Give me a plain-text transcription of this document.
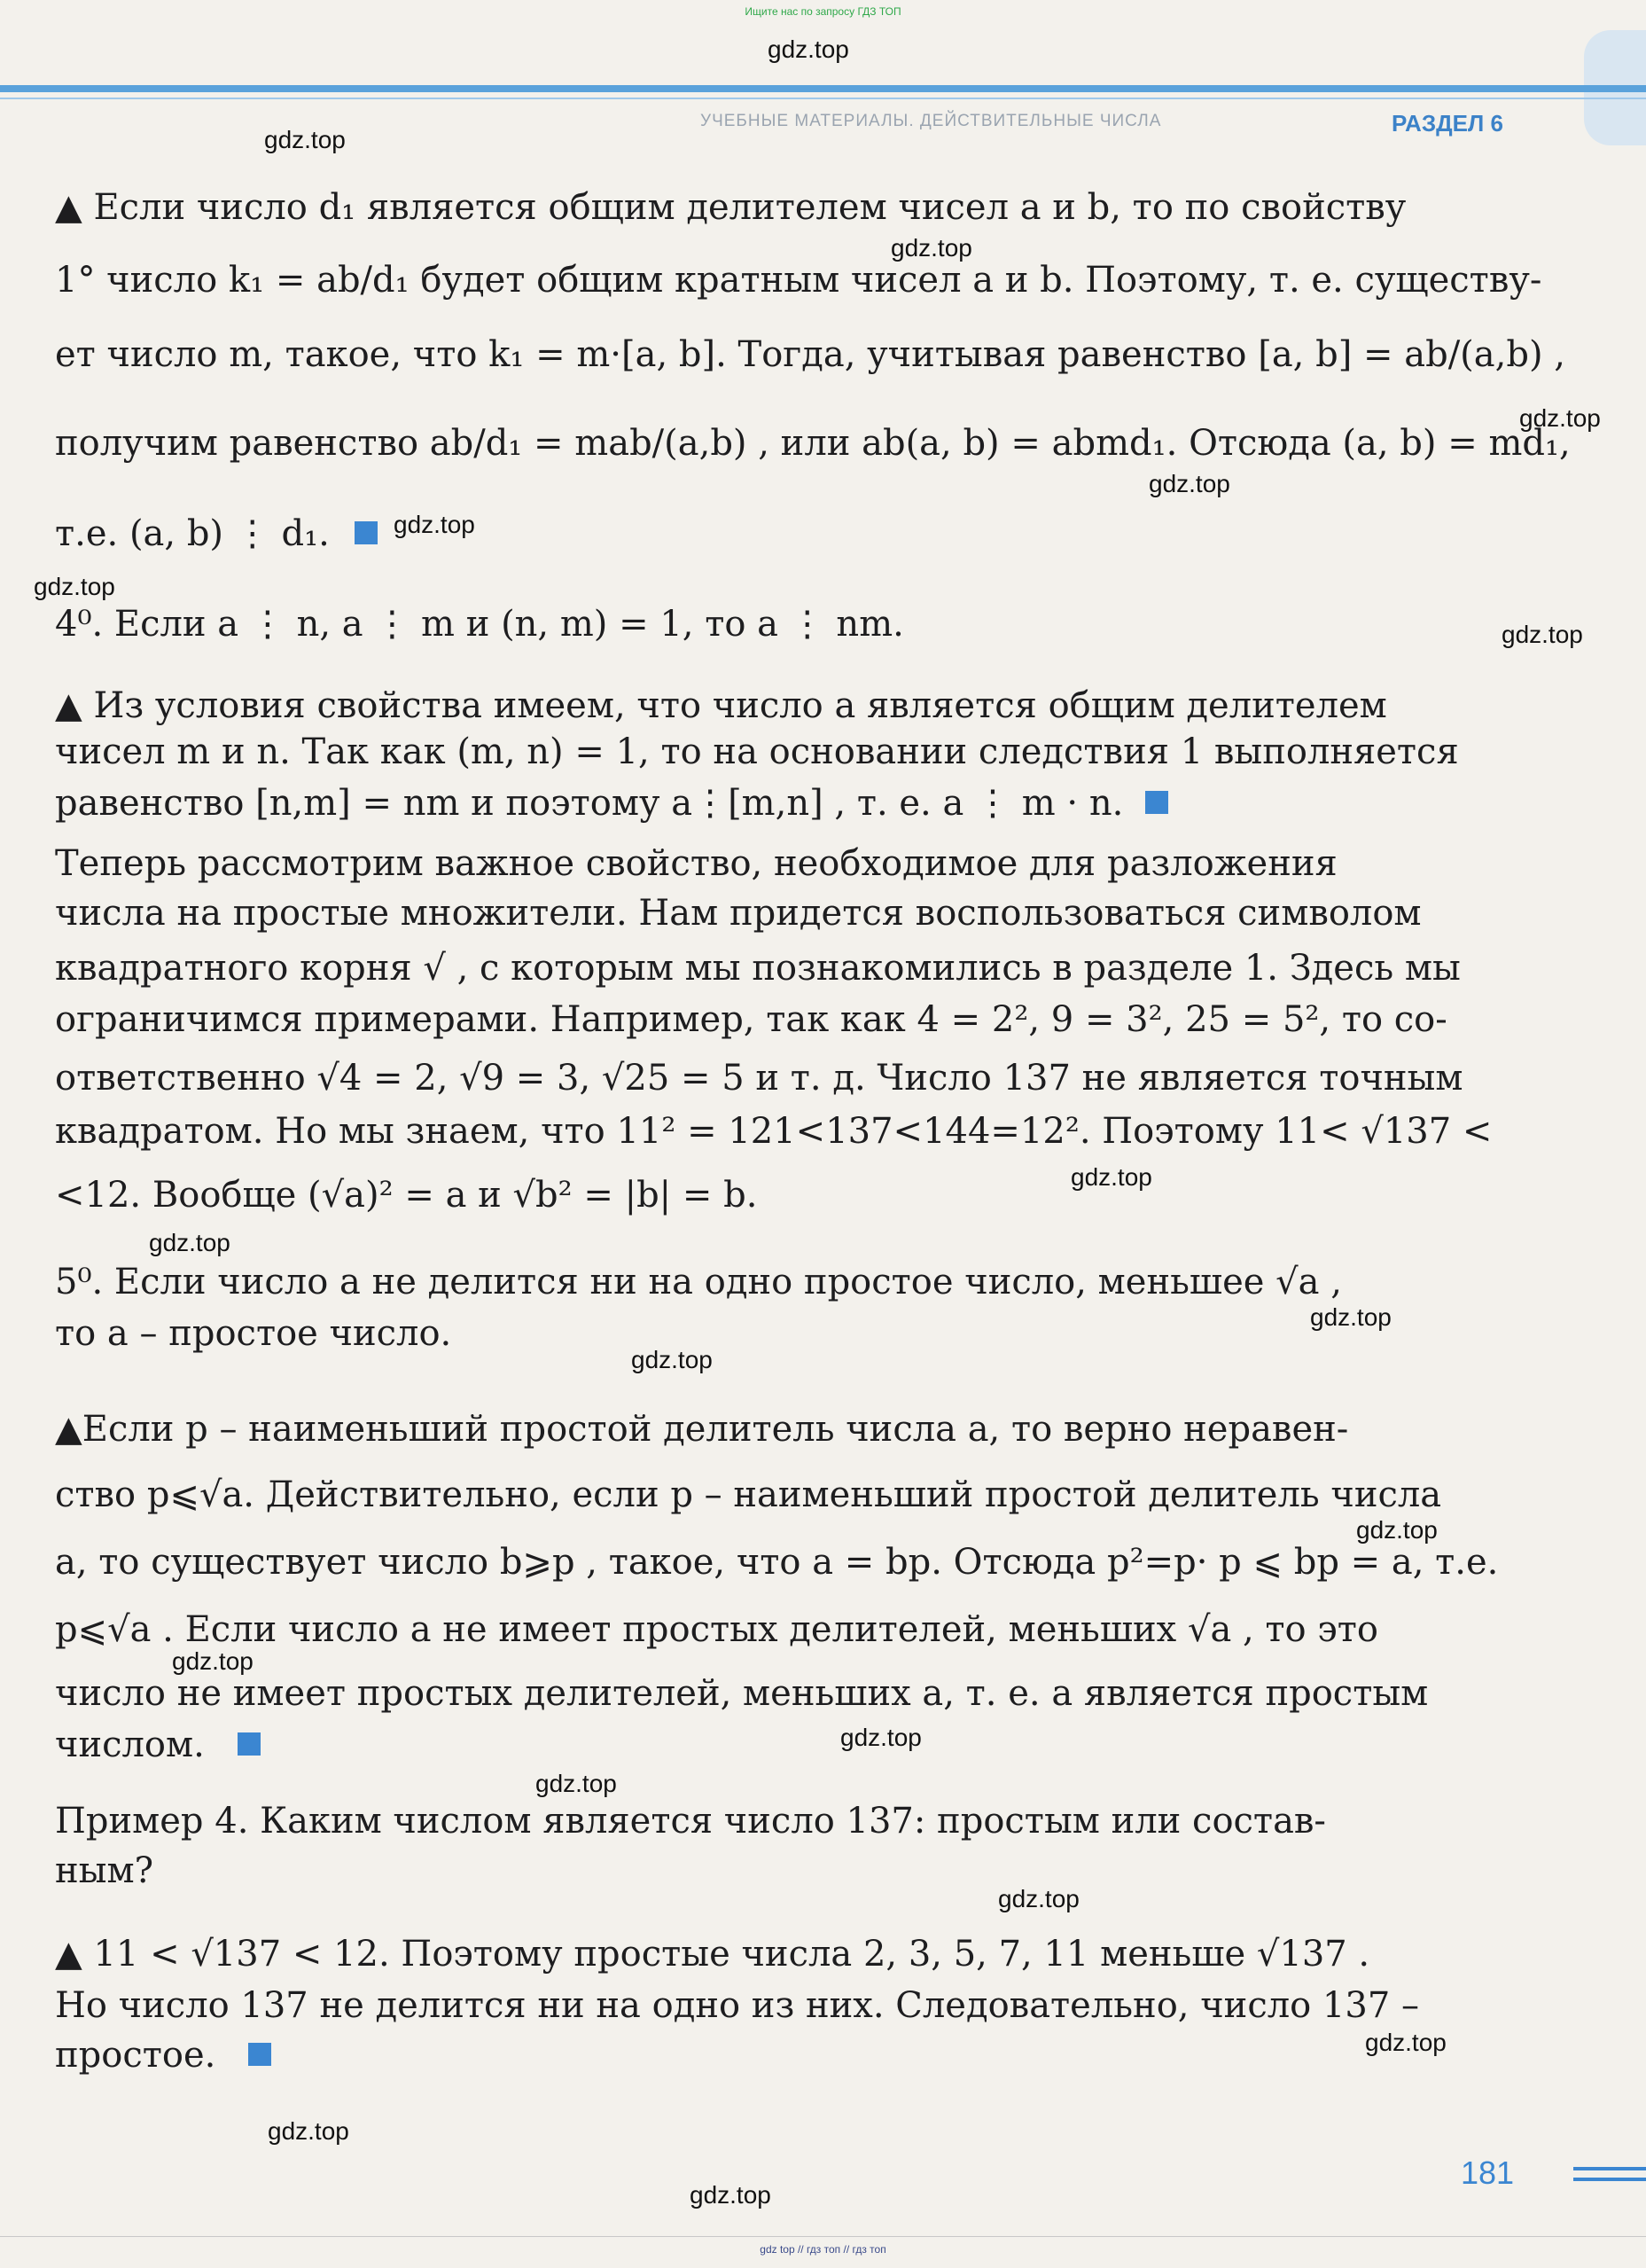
Ищите нас по запросу ГДЗ ТОП
УЧЕБНЫЕ МАТЕРИАЛЫ. ДЕЙСТВИТЕЛЬНЫЕ ЧИСЛА	РАЗДЕЛ 6
▲ Если число d₁ является общим делителем чисел a и b, то по свойству
1° число k₁ = ab/d₁ будет общим кратным чисел a и b. Поэтому, т. е. существу-
ет число m, такое, что k₁ = m·[a, b]. Тогда, учитывая равенство [a, b] = ab/(a,b) ,
получим равенство ab/d₁ = mab/(a,b) , или ab(a, b) = abmd₁. Отсюда (a, b) = md₁,
т.е. (a, b) ⋮ d₁.
4⁰. Если a ⋮ n, a ⋮ m и (n, m) = 1, то a ⋮ nm.
▲ Из условия свойства имеем, что число a является общим делителем
чисел m и n. Так как (m, n) = 1, то на основании следствия 1 выполняется
равенство [n,m] = nm и поэтому a⋮[m,n] , т. е. a ⋮ m · n.
Теперь рассмотрим важное свойство, необходимое для разложения
числа на простые множители. Нам придется воспользоваться символом
квадратного корня √ , с которым мы познакомились в разделе 1. Здесь мы
ограничимся примерами. Например, так как 4 = 2², 9 = 3², 25 = 5², то со-
ответственно √4 = 2, √9 = 3, √25 = 5 и т. д. Число 137 не является точным
квадратом. Но мы знаем, что 11² = 121<137<144=12². Поэтому 11< √137 <
<12. Вообще (√a)² = a и √b² = |b| = b.
5⁰. Если число a не делится ни на одно простое число, меньшее √a ,
то a – простое число.
▲Если p – наименьший простой делитель числа a, то верно неравен-
ство p⩽√a. Действительно, если p – наименьший простой делитель числа
a, то существует число b⩾p , такое, что a = bp. Отсюда p²=p· p ⩽ bp = a, т.е.
p⩽√a . Если число a не имеет простых делителей, меньших √a , то это
число не имеет простых делителей, меньших a, т. е. a является простым
числом.
Пример 4. Каким числом является число 137: простым или состав-
ным?
▲ 11 < √137 < 12. Поэтому простые числа 2, 3, 5, 7, 11 меньше √137 .
Но число 137 не делится ни на одно из них. Следовательно, число 137 –
простое.
gdz.top
gdz.top
gdz.top
gdz.top
gdz.top
gdz.top
gdz.top
gdz.top
gdz.top
gdz.top
gdz.top
gdz.top
gdz.top
gdz.top
gdz.top
gdz.top
gdz.top
gdz.top
gdz.top
gdz.top
181
gdz top // гдз топ // гдз топ
